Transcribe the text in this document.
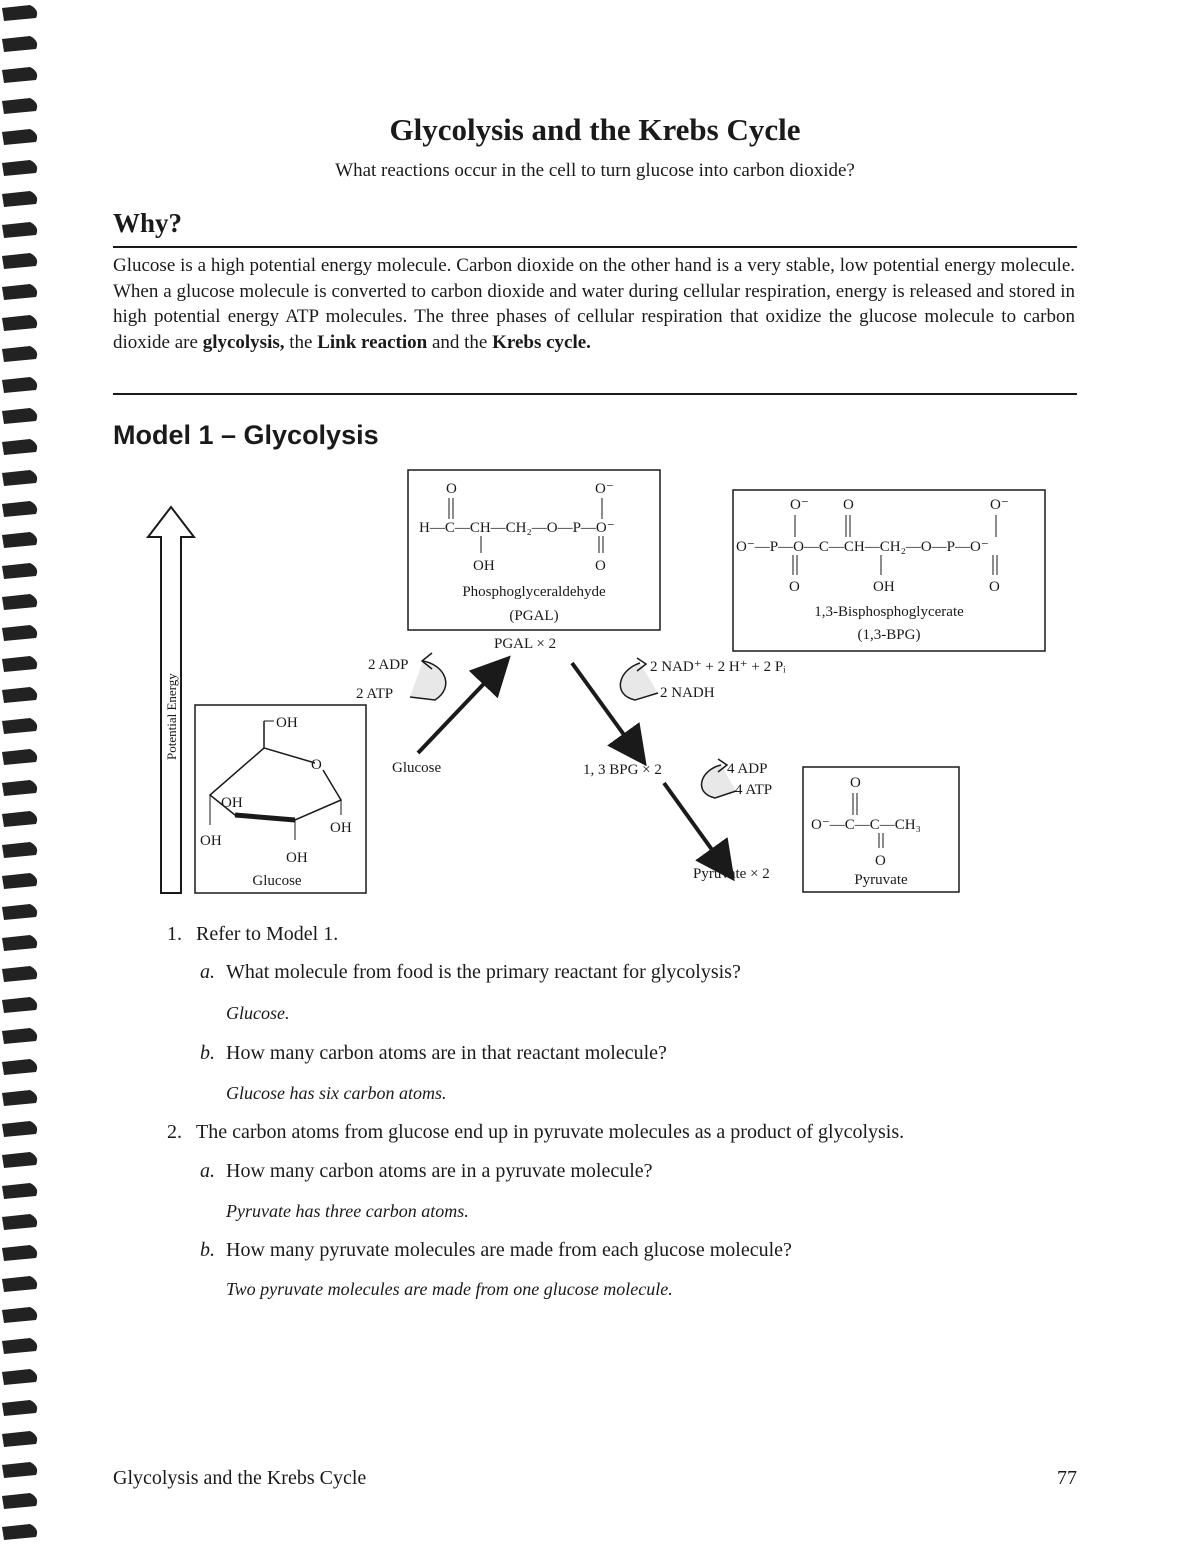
Glycolysis and the Krebs Cycle
What reactions occur in the cell to turn glucose into carbon dioxide?
Why?
Glucose is a high potential energy molecule. Carbon dioxide on the other hand is a very stable, low potential energy molecule. When a glucose molecule is converted to carbon dioxide and water during cellular respiration, energy is released and stored in high potential energy ATP molecules. The three phases of cellular respiration that oxidize the glucose molecule to carbon dioxide are glycolysis, the Link reaction and the Krebs cycle.
Model 1 – Glycolysis
Potential Energy
H—C—CH—CH₂—O—P—O⁻
O	O⁻
OH	O
Phosphoglyceraldehyde
(PGAL)
O⁻—P—O—C—CH—CH₂—O—P—O⁻
O⁻ O	O⁻
O	OH	O
1,3-Bisphosphoglycerate
(1,3-BPG)
OH
O
OH
OH
OH
OH
Glucose
O⁻—C—C—CH₃
O
O
Pyruvate
2 ADP
2 ATP
PGAL × 2
2 NAD⁺ + 2 H⁺ + 2 Pᵢ
2 NADH
Glucose	1, 3 BPG × 2	4 ADP
4 ATP
Pyruvate × 2
1. Refer to Model 1.
a. What molecule from food is the primary reactant for glycolysis?
Glucose.
b. How many carbon atoms are in that reactant molecule?
Glucose has six carbon atoms.
2. The carbon atoms from glucose end up in pyruvate molecules as a product of glycolysis.
a. How many carbon atoms are in a pyruvate molecule?
Pyruvate has three carbon atoms.
b. How many pyruvate molecules are made from each glucose molecule?
Two pyruvate molecules are made from one glucose molecule.
Glycolysis and the Krebs Cycle	77
